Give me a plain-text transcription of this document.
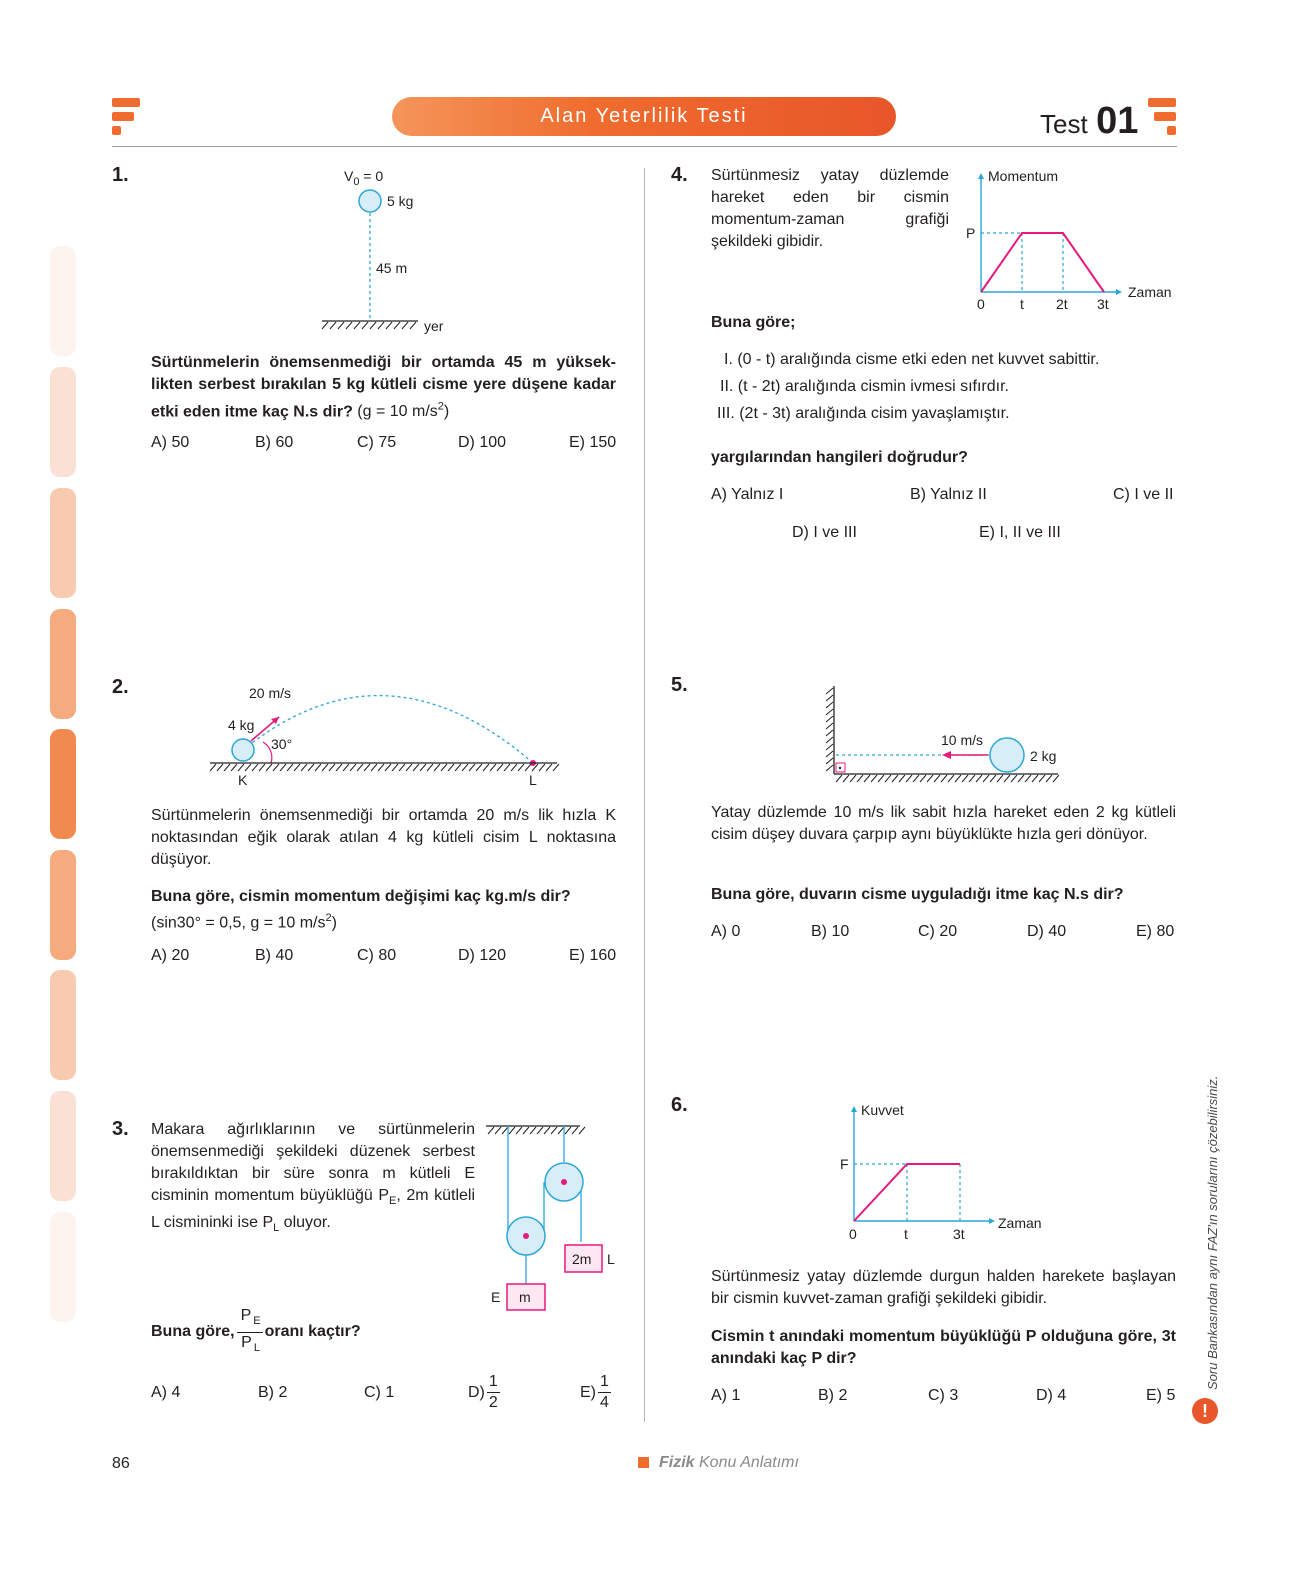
Alan Yeterlilik Testi	Test 01
1.	$V_0 = 0$
5 kg
45 m
yer
Sürtünmelerin önemsenmediği bir ortamda 45 m yükseklikten serbest bırakılan 5 kg kütleli cisme yere düşene kadar etki eden itme kaç N.s dir? (g = 10 $m/s^2$)
A) 50	B) 60	C) 75	D) 100	E) 150
2.	20 m/s
4 kg
30°
K	L
Sürtünmelerin önemsenmediği bir ortamda 20 m/s lik hızla K noktasından eğik olarak atılan 4 kg kütleli cisim L noktasına düşüyor.
Buna göre, cismin momentum değişimi kaç kg.m/s dir?
(sin30° = 0,5, g = 10 $m/s^2$)
A) 20	B) 40	C) 80	D) 120	E) 160
3. Makara ağırlıklarının ve sürtünmelerin önemsenmediği şekildeki düzenek serbest bırakıldıktan bir süre sonra m kütleli E cisminin momentum büyüklüğü $P_E$, 2m kütleli L cismininki ise $P_L$ oluyor.
2m L
m
E
Buna göre, $\frac{P _E}{P _L}$ oranı kaçtır?
A) 4	B) 2	C) 1	$D) \frac{1}{2}$	$E) \frac{1}{4}$
4. Sürtünmesiz yatay düzlemde hareket eden bir cismin momentum-zaman grafiği şekildeki gibidir.
Momentum
Zaman
P
0	t 2t 3t
Buna göre;
I. (0 - t) aralığında cisme etki eden net kuvvet sabittir.
II. (t - 2t) aralığında cismin ivmesi sıfırdır.
III. (2t - 3t) aralığında cisim yavaşlamıştır.
yargılarından hangileri doğrudur?
A) Yalnız I	B) Yalnız II	C) I ve II
D) I ve III	E) I, II ve III
5.
10 m/s
2 kg
Yatay düzlemde 10 m/s lik sabit hızla hareket eden 2 kg kütleli cisim düşey duvara çarpıp aynı büyüklükte hızla geri dönüyor.
Buna göre, duvarın cisme uyguladığı itme kaç N.s dir?
A) 0	B) 10	C) 20	D) 40	E) 80
6.	Kuvvet
Zaman
F
0	t	3t
Sürtünmesiz yatay düzlemde durgun halden harekete başlayan bir cismin kuvvet-zaman grafiği şekildeki gibidir.
Cismin t anındaki momentum büyüklüğü P olduğuna göre, 3t anındaki kaç P dir?
A) 1	B) 2	C) 3	D) 4	E) 5
Soru Bankasından aynı FAZ'ın sorularını çözebilirsiniz.
!
86	Fizik Konu Anlatımı
